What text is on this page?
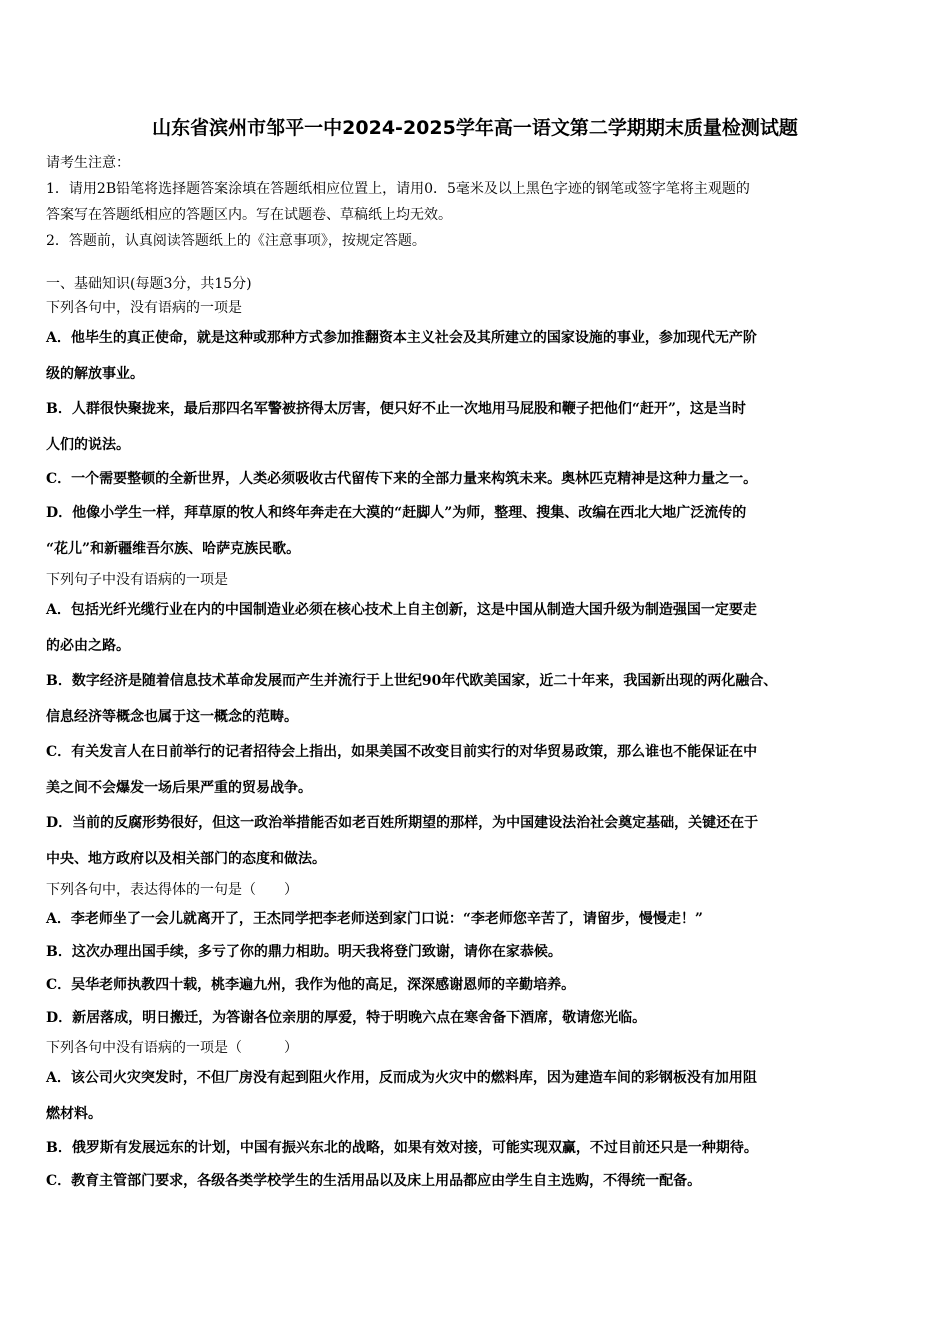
山东省滨州市邹平一中2024-2025学年高一语文第二学期期末质量检测试题
请考生注意：
1．请用2B铅笔将选择题答案涂填在答题纸相应位置上，请用0．5毫米及以上黑色字迹的钢笔或签字笔将主观题的
答案写在答题纸相应的答题区内。写在试题卷、草稿纸上均无效。
2．答题前，认真阅读答题纸上的《注意事项》，按规定答题。
一、基础知识(每题3分，共15分)
下列各句中，没有语病的一项是
A．他毕生的真正使命，就是这种或那种方式参加推翻资本主义社会及其所建立的国家设施的事业，参加现代无产阶
级的解放事业。
B．人群很快聚拢来，最后那四名军警被挤得太厉害，便只好不止一次地用马屁股和鞭子把他们“赶开”，这是当时
人们的说法。
C．一个需要整顿的全新世界，人类必须吸收古代留传下来的全部力量来构筑未来。奥林匹克精神是这种力量之一。
D．他像小学生一样，拜草原的牧人和终年奔走在大漠的“赶脚人”为师，整理、搜集、改编在西北大地广泛流传的
“花儿”和新疆维吾尔族、哈萨克族民歌。
下列句子中没有语病的一项是
A．包括光纤光缆行业在内的中国制造业必须在核心技术上自主创新，这是中国从制造大国升级为制造强国一定要走
的必由之路。
B．数字经济是随着信息技术革命发展而产生并流行于上世纪90年代欧美国家，近二十年来，我国新出现的两化融合、
信息经济等概念也属于这一概念的范畴。
C．有关发言人在日前举行的记者招待会上指出，如果美国不改变目前实行的对华贸易政策，那么谁也不能保证在中
美之间不会爆发一场后果严重的贸易战争。
D．当前的反腐形势很好，但这一政治举措能否如老百姓所期望的那样，为中国建设法治社会奠定基础，关键还在于
中央、地方政府以及相关部门的态度和做法。
下列各句中，表达得体的一句是（　　）
A．李老师坐了一会儿就离开了，王杰同学把李老师送到家门口说：“李老师您辛苦了，请留步，慢慢走！”
B．这次办理出国手续，多亏了你的鼎力相助。明天我将登门致谢，请你在家恭候。
C．吴华老师执教四十载，桃李遍九州，我作为他的高足，深深感谢恩师的辛勤培养。
D．新居落成，明日搬迁，为答谢各位亲朋的厚爱，特于明晚六点在寒舍备下酒席，敬请您光临。
下列各句中没有语病的一项是（　　　）
A．该公司火灾突发时，不但厂房没有起到阻火作用，反而成为火灾中的燃料库，因为建造车间的彩钢板没有加用阻
燃材料。
B．俄罗斯有发展远东的计划，中国有振兴东北的战略，如果有效对接，可能实现双赢，不过目前还只是一种期待。
C．教育主管部门要求，各级各类学校学生的生活用品以及床上用品都应由学生自主选购，不得统一配备。
